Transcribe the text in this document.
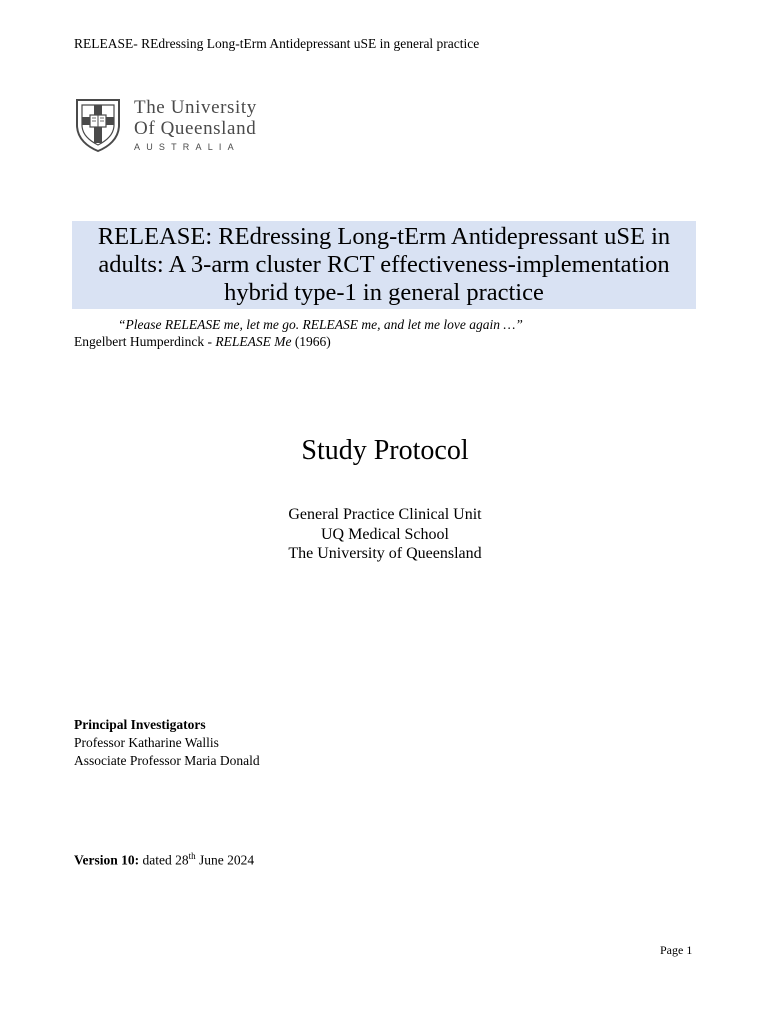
RELEASE- REdressing Long-tErm Antidepressant uSE in general practice
The University
Of Queensland
AUSTRALIA
RELEASE: REdressing Long-tErm Antidepressant uSE in adults: A 3-arm cluster RCT effectiveness-implementation hybrid type-1 in general practice
“Please RELEASE me, let me go. RELEASE me, and let me love again …”
Engelbert Humperdinck - RELEASE Me (1966)
Study Protocol
General Practice Clinical Unit
UQ Medical School
The University of Queensland
Principal Investigators
Professor Katharine Wallis
Associate Professor Maria Donald
Version 10: dated 28th June 2024
Page 1
